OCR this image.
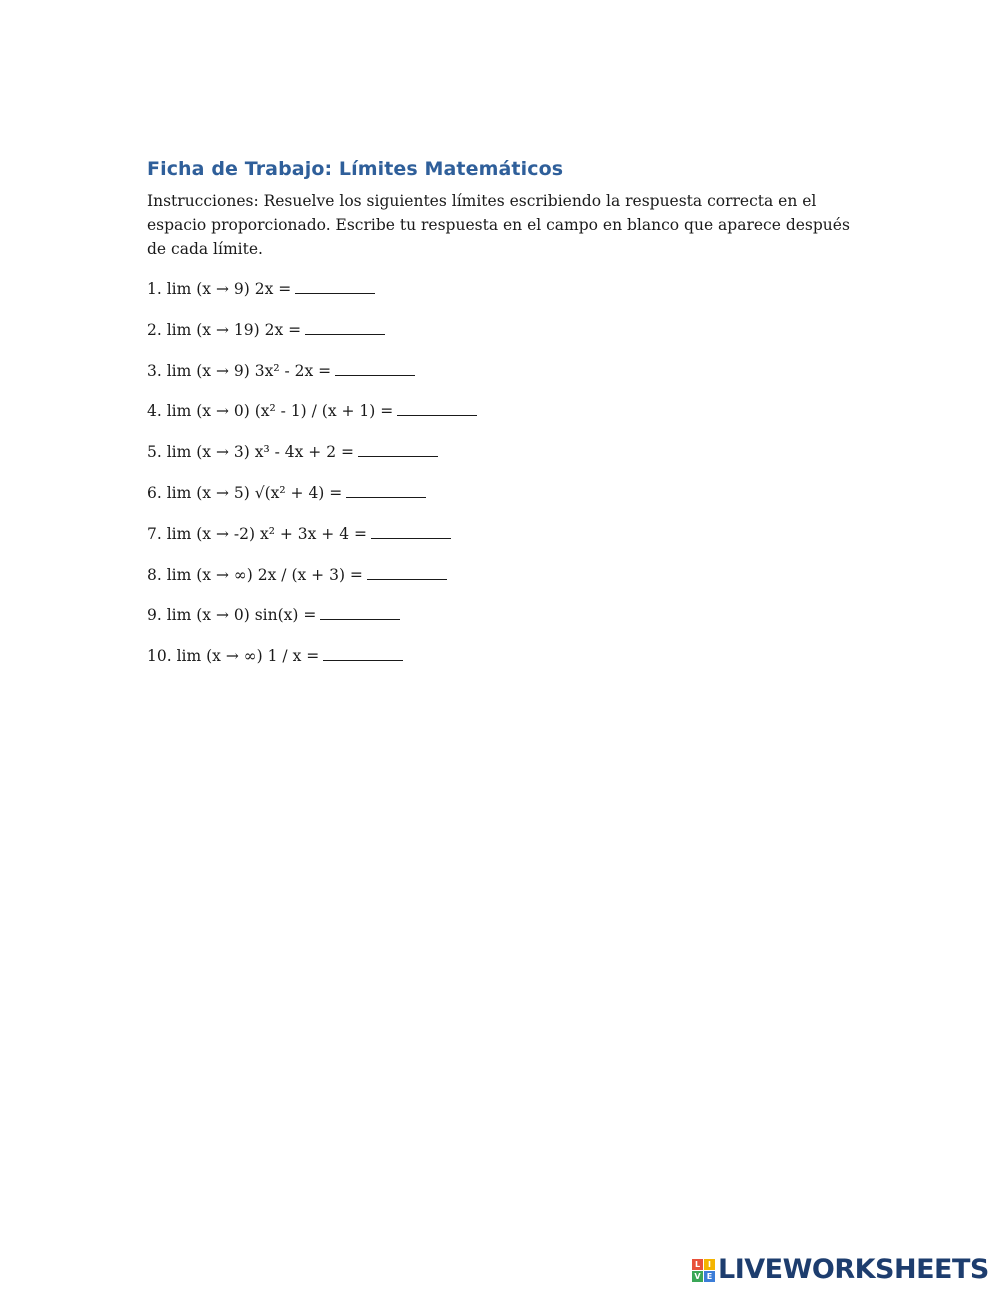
Ficha de Trabajo: Límites Matemáticos

Instrucciones: Resuelve los siguientes límites escribiendo la respuesta correcta en el espacio proporcionado. Escribe tu respuesta en el campo en blanco que aparece después de cada límite.

1. lim (x → 9) 2x =
2. lim (x → 19) 2x =
3. lim (x → 9) 3x² - 2x =
4. lim (x → 0) (x² - 1) / (x + 1) =
5. lim (x → 3) x³ - 4x + 2 =
6. lim (x → 5) √(x² + 4) =
7. lim (x → -2) x² + 3x + 4 =
8. lim (x → ∞) 2x / (x + 3) =
9. lim (x → 0) sin(x) =
10. lim (x → ∞) 1 / x =
L I
V E LIVEWORKSHEETS
